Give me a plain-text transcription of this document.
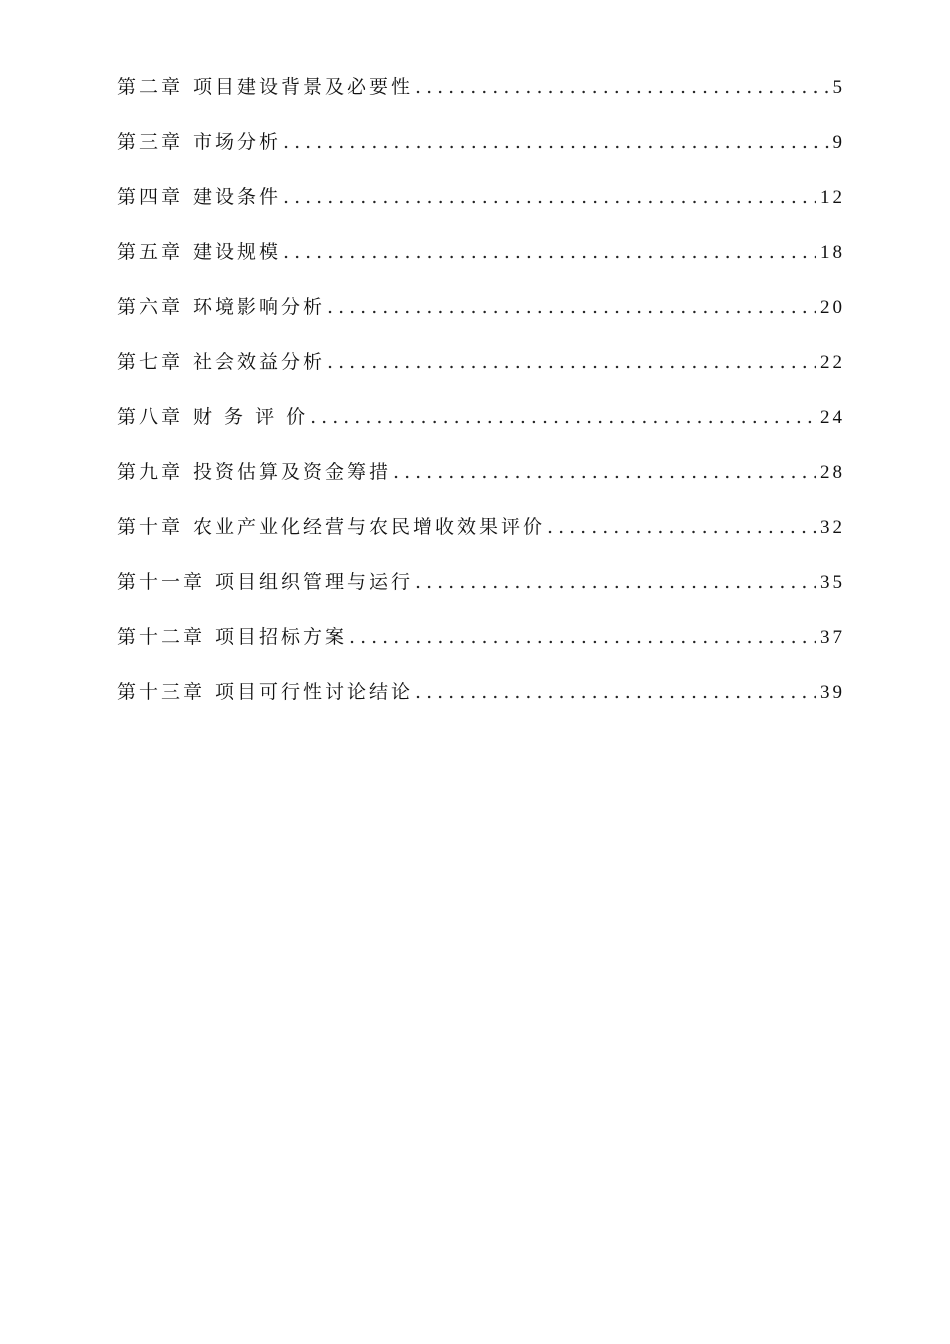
第二章 项目建设背景及必要性 .....	5
第三章 市场分析 .....	9
第四章 建设条件 .....	12
第五章 建设规模 .....	18
第六章 环境影响分析 .....	20
第七章 社会效益分析 .....	22
第八章 财 务 评 价 .....	24
第九章 投资估算及资金筹措 .....	28
第十章 农业产业化经营与农民增收效果评价 .....	32
第十一章 项目组织管理与运行 .....	35
第十二章 项目招标方案 .....	37
第十三章 项目可行性讨论结论 .....	39
